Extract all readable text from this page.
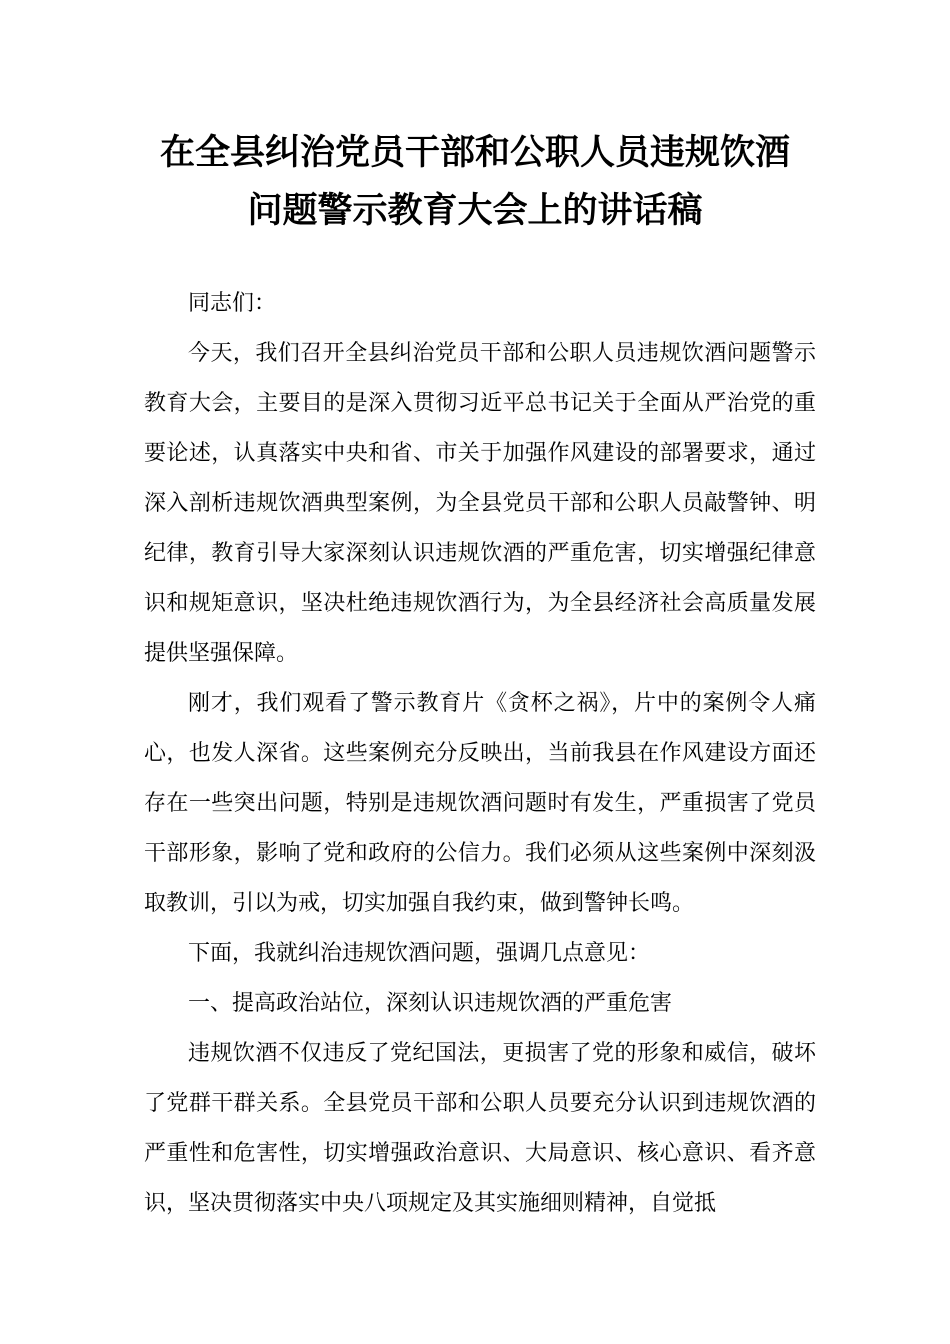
在全县纠治党员干部和公职人员违规饮酒
问题警示教育大会上的讲话稿

同志们：

今天，我们召开全县纠治党员干部和公职人员违规饮酒问题警示教育大会，主要目的是深入贯彻习近平总书记关于全面从严治党的重要论述，认真落实中央和省、市关于加强作风建设的部署要求，通过深入剖析违规饮酒典型案例，为全县党员干部和公职人员敲警钟、明纪律，教育引导大家深刻认识违规饮酒的严重危害，切实增强纪律意识和规矩意识，坚决杜绝违规饮酒行为，为全县经济社会高质量发展提供坚强保障。

刚才，我们观看了警示教育片《贪杯之祸》，片中的案例令人痛心，也发人深省。这些案例充分反映出，当前我县在作风建设方面还存在一些突出问题，特别是违规饮酒问题时有发生，严重损害了党员干部形象，影响了党和政府的公信力。我们必须从这些案例中深刻汲取教训，引以为戒，切实加强自我约束，做到警钟长鸣。

下面，我就纠治违规饮酒问题，强调几点意见：

一、提高政治站位，深刻认识违规饮酒的严重危害

违规饮酒不仅违反了党纪国法，更损害了党的形象和威信，破坏了党群干群关系。全县党员干部和公职人员要充分认识到违规饮酒的严重性和危害性，切实增强政治意识、大局意识、核心意识、看齐意识，坚决贯彻落实中央八项规定及其实施细则精神，自觉抵
